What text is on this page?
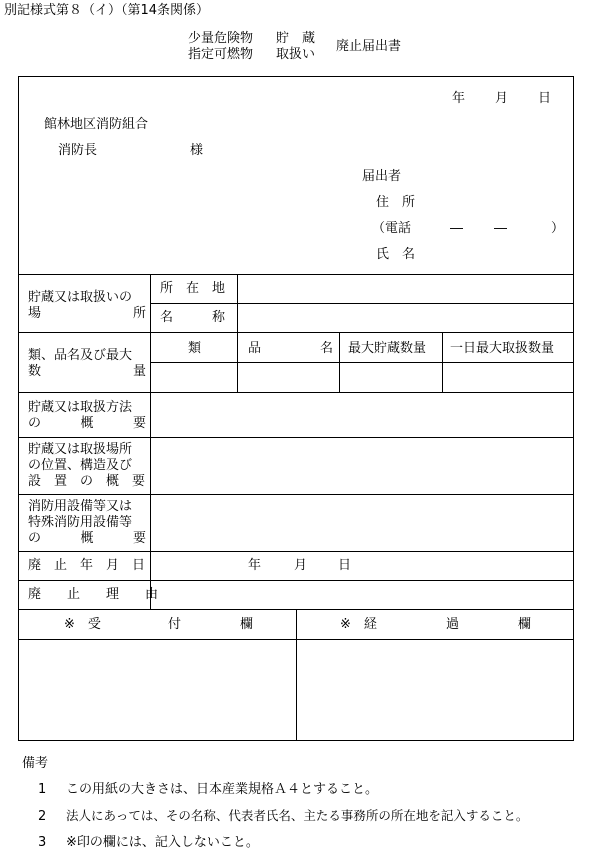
別記様式第８（イ）（第14条関係）
少量危険物 貯　蔵
指定可燃物 取扱い
廃止届出書
年 月 日
館林地区消防組合
消防長	様
届出者
住　所
（電話	― ―	）
氏　名
貯蔵又は取扱いの
場	所
所　在　地
名　　　称
類、品名及び最大
数	量
類	品	名 最大貯蔵数量 一日最大取扱数量
貯蔵又は取扱方法
の	概	要
貯蔵又は取扱場所
の位置、構造及び
設　置　の　概　要
消防用設備等又は
特殊消防用設備等
の	概	要
廃　止　年　月　日	年	月 日
廃　　止　　理　　由
※　受	付	欄	※　経	過	欄
備考
1 この用紙の大きさは、日本産業規格Ａ４とすること。
2 法人にあっては、その名称、代表者氏名、主たる事務所の所在地を記入すること。
3 ※印の欄には、記入しないこと。
